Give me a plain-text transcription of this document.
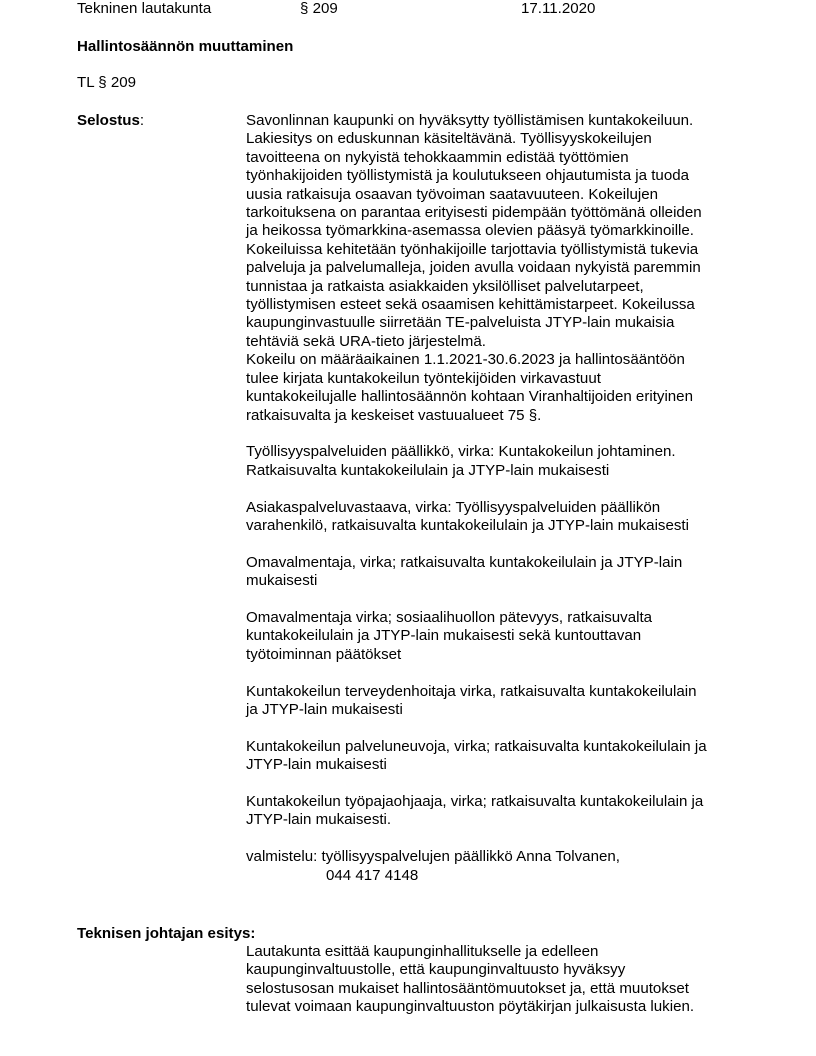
Tekninen lautakunta	§ 209	17.11.2020
Hallintosäännön muuttaminen
TL § 209
Selostus:	Savonlinnan kaupunki on hyväksytty työllistämisen kuntakokeiluun.
Lakiesitys on eduskunnan käsiteltävänä. Työllisyyskokeilujen
tavoitteena on nykyistä tehokkaammin edistää työttömien
työnhakijoiden työllistymistä ja koulutukseen ohjautumista ja tuoda
uusia ratkaisuja osaavan työvoiman saatavuuteen. Kokeilujen
tarkoituksena on parantaa erityisesti pidempään työttömänä olleiden
ja heikossa työmarkkina-asemassa olevien pääsyä työmarkkinoille.
Kokeiluissa kehitetään työnhakijoille tarjottavia työllistymistä tukevia
palveluja ja palvelumalleja, joiden avulla voidaan nykyistä paremmin
tunnistaa ja ratkaista asiakkaiden yksilölliset palvelutarpeet,
työllistymisen esteet sekä osaamisen kehittämistarpeet. Kokeilussa
kaupunginvastuulle siirretään TE-palveluista JTYP-lain mukaisia
tehtäviä sekä URA-tieto järjestelmä.
Kokeilu on määräaikainen 1.1.2021-30.6.2023 ja hallintosääntöön
tulee kirjata kuntakokeilun työntekijöiden virkavastuut
kuntakokeilujalle hallintosäännön kohtaan Viranhaltijoiden erityinen
ratkaisuvalta ja keskeiset vastuualueet 75 §.
Työllisyyspalveluiden päällikkö, virka: Kuntakokeilun johtaminen.
Ratkaisuvalta kuntakokeilulain ja JTYP-lain mukaisesti
Asiakaspalveluvastaava, virka: Työllisyyspalveluiden päällikön
varahenkilö, ratkaisuvalta kuntakokeilulain ja JTYP-lain mukaisesti
Omavalmentaja, virka; ratkaisuvalta kuntakokeilulain ja JTYP-lain
mukaisesti
Omavalmentaja virka; sosiaalihuollon pätevyys, ratkaisuvalta
kuntakokeilulain ja JTYP-lain mukaisesti sekä kuntouttavan
työtoiminnan päätökset
Kuntakokeilun terveydenhoitaja virka, ratkaisuvalta kuntakokeilulain
ja JTYP-lain mukaisesti
Kuntakokeilun palveluneuvoja, virka; ratkaisuvalta kuntakokeilulain ja
JTYP-lain mukaisesti
Kuntakokeilun työpajaohjaaja, virka; ratkaisuvalta kuntakokeilulain ja
JTYP-lain mukaisesti.
valmistelu: työllisyyspalvelujen päällikkö Anna Tolvanen,
044 417 4148
Teknisen johtajan esitys:
Lautakunta esittää kaupunginhallitukselle ja edelleen
kaupunginvaltuustolle, että kaupunginvaltuusto hyväksyy
selostusosan mukaiset hallintosääntömuutokset ja, että muutokset
tulevat voimaan kaupunginvaltuuston pöytäkirjan julkaisusta lukien.
